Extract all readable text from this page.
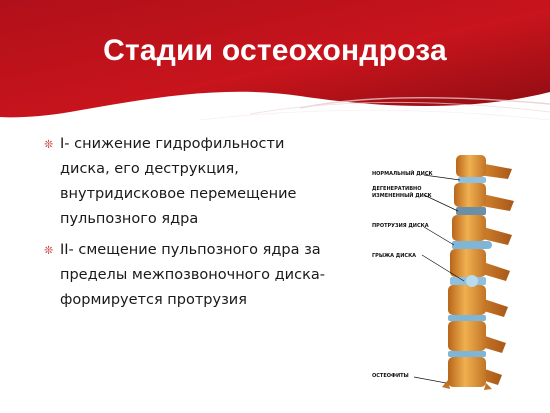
Стадии остеохондроза
❊ I- снижение гидрофильности диска, его деструкция, внутридисковое перемещение пульпозного ядра
❊ II- смещение пульпозного ядра за пределы межпозвоночного диска- формируется протрузия
НОРМАЛЬНЫЙ ДИСК
ДЕГЕНЕРАТИВНО
ИЗМЕНЕННЫЙ ДИСК
ПРОТРУЗИЯ ДИСКА
ГРЫЖА ДИСКА
ОСТЕОФИТЫ
